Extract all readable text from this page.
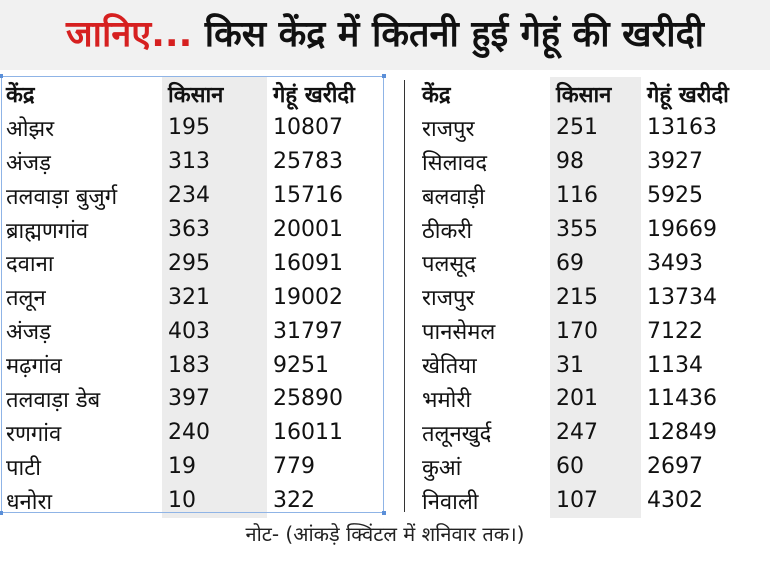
जानिए... किस केंद्र में कितनी हुई गेहूं की खरीदी
केंद्र	किसान	गेहूं खरीदी
ओझर	195	10807
अंजड़	313	25783
तलवाड़ा बुजुर्ग	234	15716
ब्राह्मणगांव	363	20001
दवाना	295	16091
तलून	321	19002
अंजड़	403	31797
मढ़गांव	183	9251
तलवाड़ा डेब	397	25890
रणगांव	240	16011
पाटी	19	779
धनोरा	10	322
केंद्र	किसान	गेहूं खरीदी
राजपुर	251	13163
सिलावद	98	3927
बलवाड़ी	116	5925
ठीकरी	355	19669
पलसूद	69	3493
राजपुर	215	13734
पानसेमल	170	7122
खेतिया	31	1134
भमोरी	201	11436
तलूनखुर्द	247	12849
कुआं	60	2697
निवाली	107	4302
नोट- (आंकड़े क्विंटल में शनिवार तक।)
